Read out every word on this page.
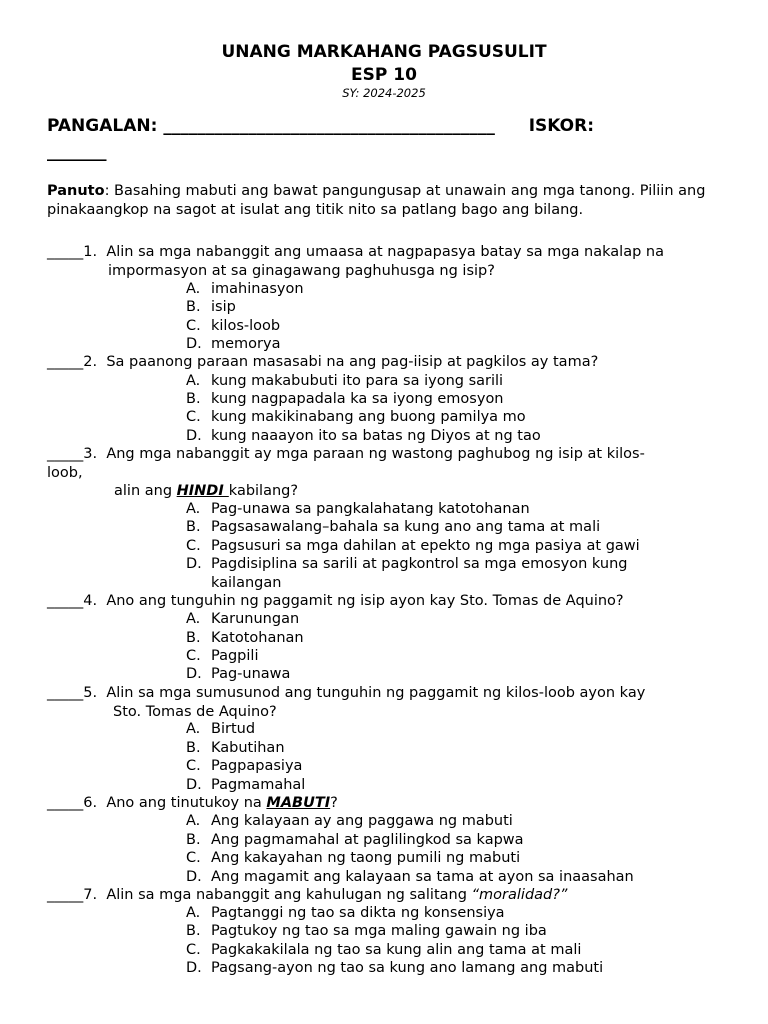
UNANG MARKAHANG PAGSUSULIT
ESP 10
SY: 2024-2025
PANGALAN: _______________________________________ ISKOR:
_______
Panuto: Basahing mabuti ang bawat pangungusap at unawain ang mga tanong. Piliin ang pinakaangkop na sagot at isulat ang titik nito sa patlang bago ang bilang.
_____1. Alin sa mga nabanggit ang umaasa at nagpapasya batay sa mga nakalap na
impormasyon at sa ginagawang paghuhusga ng isip?
A. imahinasyon
B. isip
C. kilos-loob
D. memorya
_____2. Sa paanong paraan masasabi na ang pag-iisip at pagkilos ay tama?
A. kung makabubuti ito para sa iyong sarili
B. kung nagpapadala ka sa iyong emosyon
C. kung makikinabang ang buong pamilya mo
D. kung naaayon ito sa batas ng Diyos at ng tao
_____3. Ang mga nabanggit ay mga paraan ng wastong paghubog ng isip at kilos-
loob,
alin ang HINDI kabilang?
A. Pag-unawa sa pangkalahatang katotohanan
B. Pagsasawalang–bahala sa kung ano ang tama at mali
C. Pagsusuri sa mga dahilan at epekto ng mga pasiya at gawi
D. Pagdisiplina sa sarili at pagkontrol sa mga emosyon kung
kailangan
_____4. Ano ang tunguhin ng paggamit ng isip ayon kay Sto. Tomas de Aquino?
A. Karunungan
B. Katotohanan
C. Pagpili
D. Pag-unawa
_____5. Alin sa mga sumusunod ang tunguhin ng paggamit ng kilos-loob ayon kay
Sto. Tomas de Aquino?
A. Birtud
B. Kabutihan
C. Pagpapasiya
D. Pagmamahal
_____6. Ano ang tinutukoy na MABUTI?
A. Ang kalayaan ay ang paggawa ng mabuti
B. Ang pagmamahal at paglilingkod sa kapwa
C. Ang kakayahan ng taong pumili ng mabuti
D. Ang magamit ang kalayaan sa tama at ayon sa inaasahan
_____7. Alin sa mga nabanggit ang kahulugan ng salitang “moralidad?”
A. Pagtanggi ng tao sa dikta ng konsensiya
B. Pagtukoy ng tao sa mga maling gawain ng iba
C. Pagkakakilala ng tao sa kung alin ang tama at mali
D. Pagsang-ayon ng tao sa kung ano lamang ang mabuti
